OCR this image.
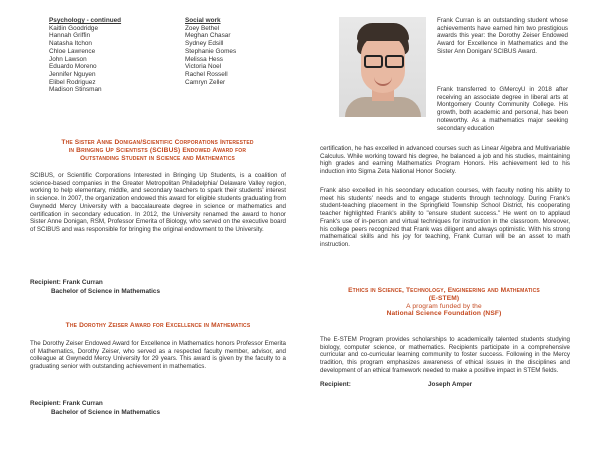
Psychology - continued
Kaitlin Goodridge
Hannah Griffin
Natasha Itchon
Chloe Lawrence
John Lawson
Eduardo Moreno
Jennifer Nguyen
Elibel Rodriguez
Madison Stinsman
Social work
Zoey Bethel
Meghan Chasar
Sydney Edsill
Stephanie Gomes
Melissa Hess
Victoria Noel
Rachel Rossell
Camryn Zeller
The Sister Anne Donigan/Scientific Corporations Interested
in Bringing Up Scientists (SCIBUS) Endowed Award for
Outstanding Student in Science and Mathematics
SCIBUS, or Scientific Corporations Interested in Bringing Up Students, is a coalition of science-based companies in the Greater Metropolitan Philadelphia/ Delaware Valley region, working to help elementary, middle, and secondary teachers to spark their students' interest in science. In 2007, the organization endowed this award for eligible students graduating from Gwynedd Mercy University with a baccalaureate degree in science or mathematics and certification in secondary education. In 2012, the University renamed the award to honor Sister Anne Donigan, RSM, Professor Emerita of Biology, who served on the executive board of SCIBUS and was responsible for bringing the original endowment to the University.
Recipient: Frank Curran
Bachelor of Science in Mathematics
The Dorothy Zeiser Award for Excellence in Mathematics
The Dorothy Zeiser Endowed Award for Excellence in Mathematics honors Professor Emerita of Mathematics, Dorothy Zeiser, who served as a respected faculty member, advisor, and colleague at Gwynedd Mercy University for 29 years. This award is given by the faculty to a graduating senior with outstanding achievement in mathematics.
Recipient: Frank Curran
Bachelor of Science in Mathematics
Frank Curran is an outstanding student whose achievements have earned him two prestigious awards this year: the Dorothy Zeiser Endowed Award for Excellence in Mathematics and the Sister Ann Donigan/ SCIBUS Award.
Frank transferred to GMercyU in 2018 after receiving an associate degree in liberal arts at Montgomery County Community College. His growth, both academic and personal, has been noteworthy. As a mathematics major seeking secondary education
certification, he has excelled in advanced courses such as Linear Algebra and Multivariable Calculus. While working toward his degree, he balanced a job and his studies, maintaining high grades and earning Mathematics Program Honors. His achievement led to his induction into Sigma Zeta National Honor Society.
Frank also excelled in his secondary education courses, with faculty noting his ability to meet his students' needs and to engage students through technology. During Frank's student-teaching placement in the Springfield Township School District, his cooperating teacher highlighted Frank's ability to "ensure student success." He went on to applaud Frank's use of in-person and virtual techniques for instruction in the classroom. Moreover, his college peers recognized that Frank was diligent and always optimistic. With his strong mathematical skills and his joy for teaching, Frank Curran will be an asset to math instruction.
Ethics in Science, Technology, Engineering and Mathematics
(E-STEM)
A program funded by the
National Science Foundation (NSF)
The E-STEM Program provides scholarships to academically talented students studying biology, computer science, or mathematics. Recipients participate in a comprehensive curricular and co-curricular learning community to foster success. Following in the Mercy tradition, this program emphasizes awareness of ethical issues in the disciplines and development of an ethical framework needed to make a positive impact in STEM fields.
Recipient:	Joseph Amper
